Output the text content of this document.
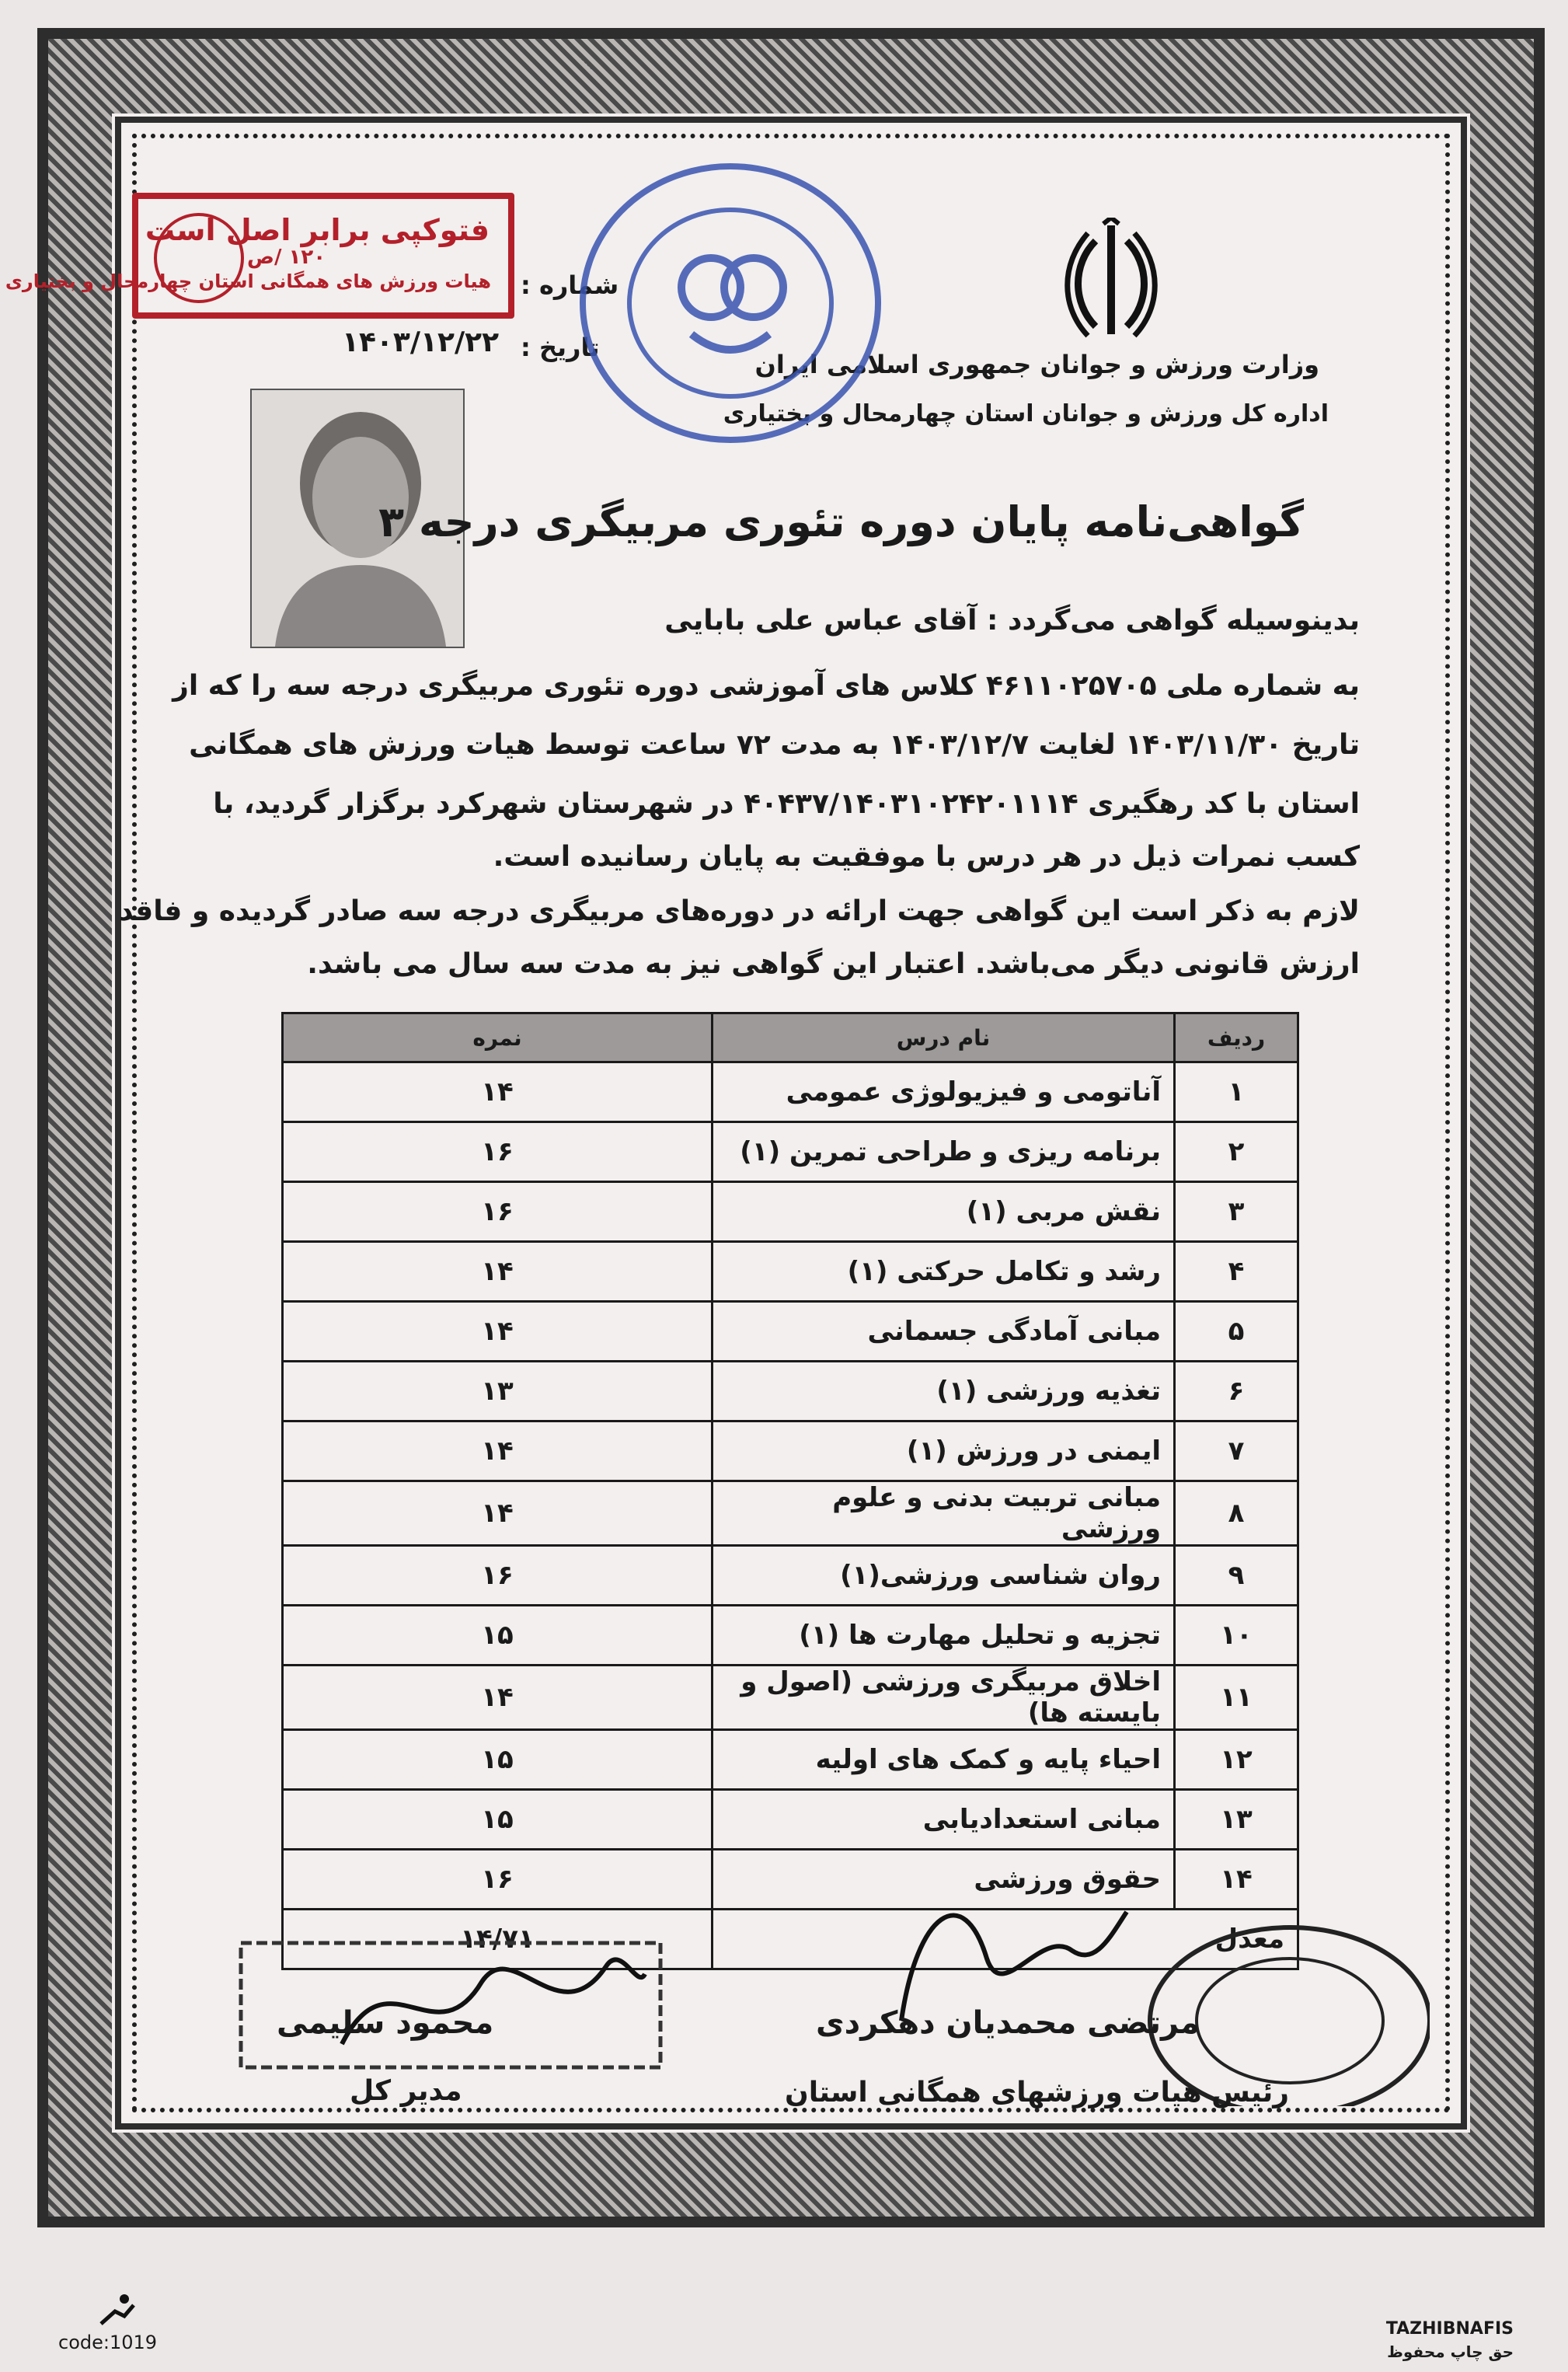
وزارت ورزش و جوانان جمهوری اسلامی ایران
اداره کل ورزش و جوانان استان چهارمحال و بختیاری
شماره :
تاریخ :
۱۴۰۳/۱۲/۲۲
فتوکپی برابر اصل است
هیات ورزش های همگانی استان چهارمحال و بختیاری
۱۲۰ /ص
گواهی‌نامه پایان دوره تئوری مربیگری درجه ۳
بدینوسیله گواهی می‌گردد : آقای عباس علی بابایی
به شماره ملی ۴۶۱۱۰۲۵۷۰۵ کلاس های آموزشی دوره تئوری مربیگری درجه سه را که از
تاریخ ۱۴۰۳/۱۱/۳۰ لغایت ۱۴۰۳/۱۲/۷ به مدت ۷۲ ساعت توسط هیات ورزش های همگانی
استان با کد رهگیری ۴۰۴۳۷/۱۴۰۳۱۰۲۴۲۰۱۱۱۴ در شهرستان شهرکرد برگزار گردید، با
کسب نمرات ذیل در هر درس با موفقیت به پایان رسانیده است.
لازم به ذکر است این گواهی جهت ارائه در دوره‌های مربیگری درجه سه صادر گردیده و فاقد
ارزش قانونی دیگر می‌باشد. اعتبار این گواهی نیز به مدت سه سال می باشد.
ردیف	نام درس	نمره
۱	آناتومی و فیزیولوژی عمومی	۱۴
۲	برنامه ریزی و طراحی تمرین (۱)	۱۶
۳	نقش مربی (۱)	۱۶
۴	رشد و تکامل حرکتی (۱)	۱۴
۵	مبانی آمادگی جسمانی	۱۴
۶	تغذیه ورزشی (۱)	۱۳
۷	ایمنی در ورزش (۱)	۱۴
۸	مبانی تربیت بدنی و علوم ورزشی	۱۴
۹	روان شناسی ورزشی(۱)	۱۶
۱۰	تجزیه و تحلیل مهارت ها (۱)	۱۵
۱۱	اخلاق مربیگری ورزشی (اصول و بایسته ها)	۱۴
۱۲	احیاء پایه و کمک های اولیه	۱۵
۱۳	مبانی استعدادیابی	۱۵
۱۴	حقوق ورزشی	۱۶
معدل		۱۴/۷۱
محمود سلیمی
مدیر کل
مرتضی محمدیان دهکردی
رئیس هیات ورزشهای همگانی استان
code:1019
TAZHIBNAFIS
حق چاپ محفوظ
